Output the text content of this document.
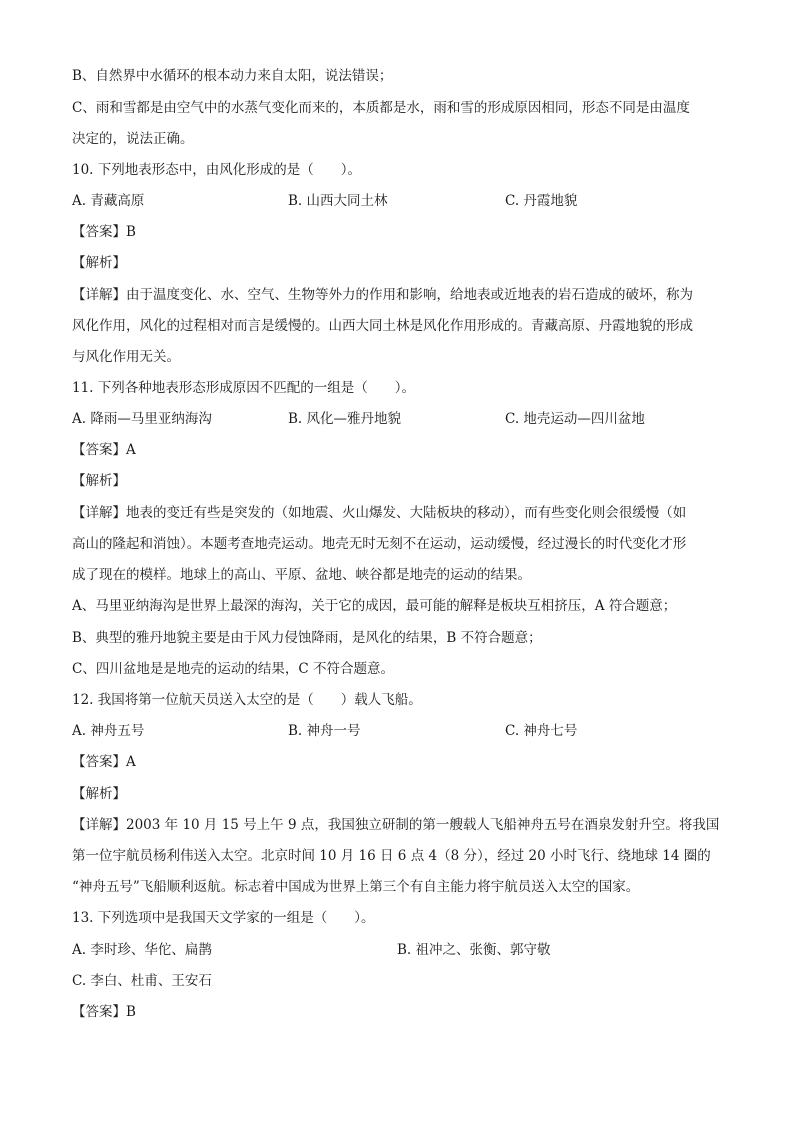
B、自然界中水循环的根本动力来自太阳，说法错误；
C、雨和雪都是由空气中的水蒸气变化而来的，本质都是水，雨和雪的形成原因相同，形态不同是由温度
决定的，说法正确。
10. 下列地表形态中，由风化形成的是（　　）。
A. 青藏高原	B. 山西大同土林	C. 丹霞地貌
【答案】B
【解析】
【详解】由于温度变化、水、空气、生物等外力的作用和影响，给地表或近地表的岩石造成的破坏，称为
风化作用，风化的过程相对而言是缓慢的。山西大同土林是风化作用形成的。青藏高原、丹霞地貌的形成
与风化作用无关。
11. 下列各种地表形态形成原因不匹配的一组是（　　）。
A. 降雨—马里亚纳海沟	B. 风化—雅丹地貌	C. 地壳运动—四川盆地
【答案】A
【解析】
【详解】地表的变迁有些是突发的（如地震、火山爆发、大陆板块的移动），而有些变化则会很缓慢（如
高山的隆起和消蚀）。本题考查地壳运动。地壳无时无刻不在运动，运动缓慢，经过漫长的时代变化才形
成了现在的模样。地球上的高山、平原、盆地、峡谷都是地壳的运动的结果。
A、马里亚纳海沟是世界上最深的海沟，关于它的成因，最可能的解释是板块互相挤压，A 符合题意；
B、典型的雅丹地貌主要是由于风力侵蚀降雨，是风化的结果，B 不符合题意；
C、四川盆地是是地壳的运动的结果，C 不符合题意。
12. 我国将第一位航天员送入太空的是（　　）载人飞船。
A. 神舟五号	B. 神舟一号	C. 神舟七号
【答案】A
【解析】
【详解】2003 年 10 月 15 号上午 9 点，我国独立研制的第一艘载人飞船神舟五号在酒泉发射升空。将我国
第一位宇航员杨利伟送入太空。北京时间 10 月 16 日 6 点 4（8 分），经过 20 小时飞行、绕地球 14 圈的
“神舟五号”飞船顺利返航。标志着中国成为世界上第三个有自主能力将宇航员送入太空的国家。
13. 下列选项中是我国天文学家的一组是（　　）。
A. 李时珍、华佗、扁鹊	B. 祖冲之、张衡、郭守敬
C. 李白、杜甫、王安石
【答案】B
